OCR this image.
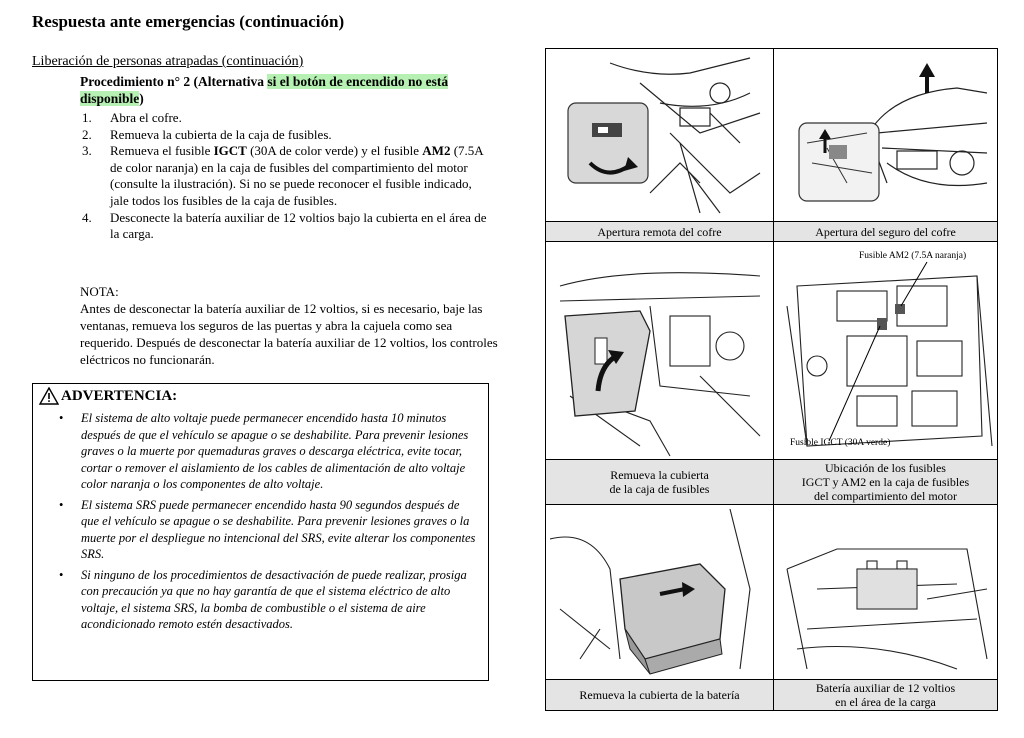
Respuesta ante emergencias (continuación)
Liberación de personas atrapadas (continuación)
Procedimiento n° 2 (Alternativa si el botón de encendido no está disponible)
1.	Abra el cofre.
2.	Remueva la cubierta de la caja de fusibles.
3.	Remueva el fusible IGCT (30A de color verde) y el fusible AM2 (7.5A de color naranja) en la caja de fusibles del compartimiento del motor (consulte la ilustración). Si no se puede reconocer el fusible indicado, jale todos los fusibles de la caja de fusibles.
4.	Desconecte la batería auxiliar de 12 voltios bajo la cubierta en el área de la carga.
NOTA:
Antes de desconectar la batería auxiliar de 12 voltios, si es necesario, baje las ventanas, remueva los seguros de las puertas y abra la cajuela como sea requerido. Después de desconectar la batería auxiliar de 12 voltios, los controles eléctricos no funcionarán.
ADVERTENCIA:
•	El sistema de alto voltaje puede permanecer encendido hasta 10 minutos después de que el vehículo se apague o se deshabilite. Para prevenir lesiones graves o la muerte por quemaduras graves o descarga eléctrica, evite tocar, cortar o remover el aislamiento de los cables de alimentación de alto voltaje color naranja o los componentes de alto voltaje.
•	El sistema SRS puede permanecer encendido hasta 90 segundos después de que el vehículo se apague o se deshabilite. Para prevenir lesiones graves o la muerte por el despliegue no intencional del SRS, evite alterar los componentes SRS.
•	Si ninguno de los procedimientos de desactivación de puede realizar, prosiga con precaución ya que no hay garantía de que el sistema eléctrico de alto voltaje, el sistema SRS, la bomba de combustible o el sistema de aire acondicionado remoto estén desactivados.
Apertura remota del cofre	Apertura del seguro del cofre
Fusible AM2 (7.5A naranja)
Fusible IGCT (30A verde)
Remueva la cubierta
de la caja de fusibles
Ubicación de los fusibles
IGCT y AM2 en la caja de fusibles
del compartimiento del motor
Remueva la cubierta de la batería	Batería auxiliar de 12 voltios
en el área de la carga
